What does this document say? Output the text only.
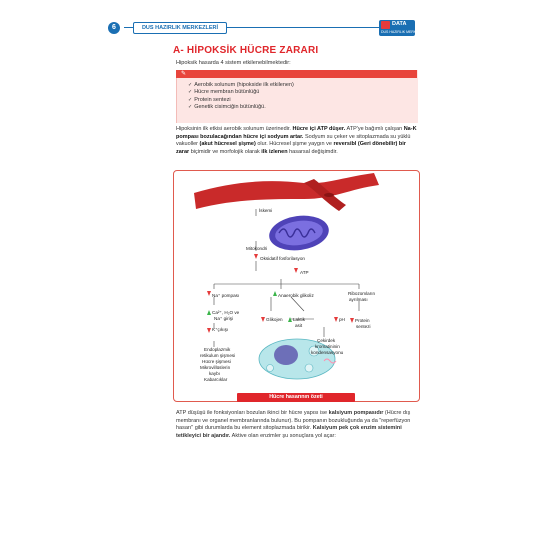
6	DUS HAZIRLIK MERKEZLERİ
DATA
DUS HAZIRLIK MERKEZLERİ
A- HİPOKSİK HÜCRE ZARARI
Hipoksik hasarda 4 sistem etkilenebilmektedir:
✎
✓ Aerobik solunum (hipokside ilk etkilenen)
✓ Hücre membran bütünlüğü
✓ Protein sentezi
✓ Genetik cisimciğin bütünlüğü.
Hipoksinin ilk etkisi aerobik solunum üzerinedir. Hücre içi ATP düşer. ATP'ye bağımlı çalışan Na-K pompası bozulacağından hücre içi sodyum artar. Sodyum su çeker ve sitoplazmada su yüklü vakuoller (akut hücresel şişme) olur. Hücresel şişme yaygın ve reversibl (Geri dönebilir) bir zarar biçimidir ve morfolojik olarak ilk izlenen hasarsal değişimdir.
İskemi
Mitokondri
Oksidatif fosforilasyon
ATP
Na⁺ pompası	Anaerobik glikoliz	Ribozomların
ayrılması
Ca²⁺, H₂O ve
Na⁺ girişi
K⁺çıkışı
Glikojen Laktik
asit
pH Protein
sentezi
Endoplazmik
retikulum şişmesi
Hücre şişmesi
Mikrovillüslerin
kaybı
Kabarcıklar
Çekirdek
kromatininin
kondensasyonu
Hücre hasarının özeti
ATP düşüşü ile fonksiyonları bozulan ikinci bir hücre yapısı ise kalsiyum pompasıdır (Hücre dış membranı ve organel membranlarında bulunur). Bu pompanın bozukluğunda ya da "reperfüzyon hasarı" gibi durumlarda bu element sitoplazmada birikir. Kalsiyum pek çok enzim sistemini tetikleyici bir ajandır. Aktive olan enzimler şu sonuçlara yol açar:
